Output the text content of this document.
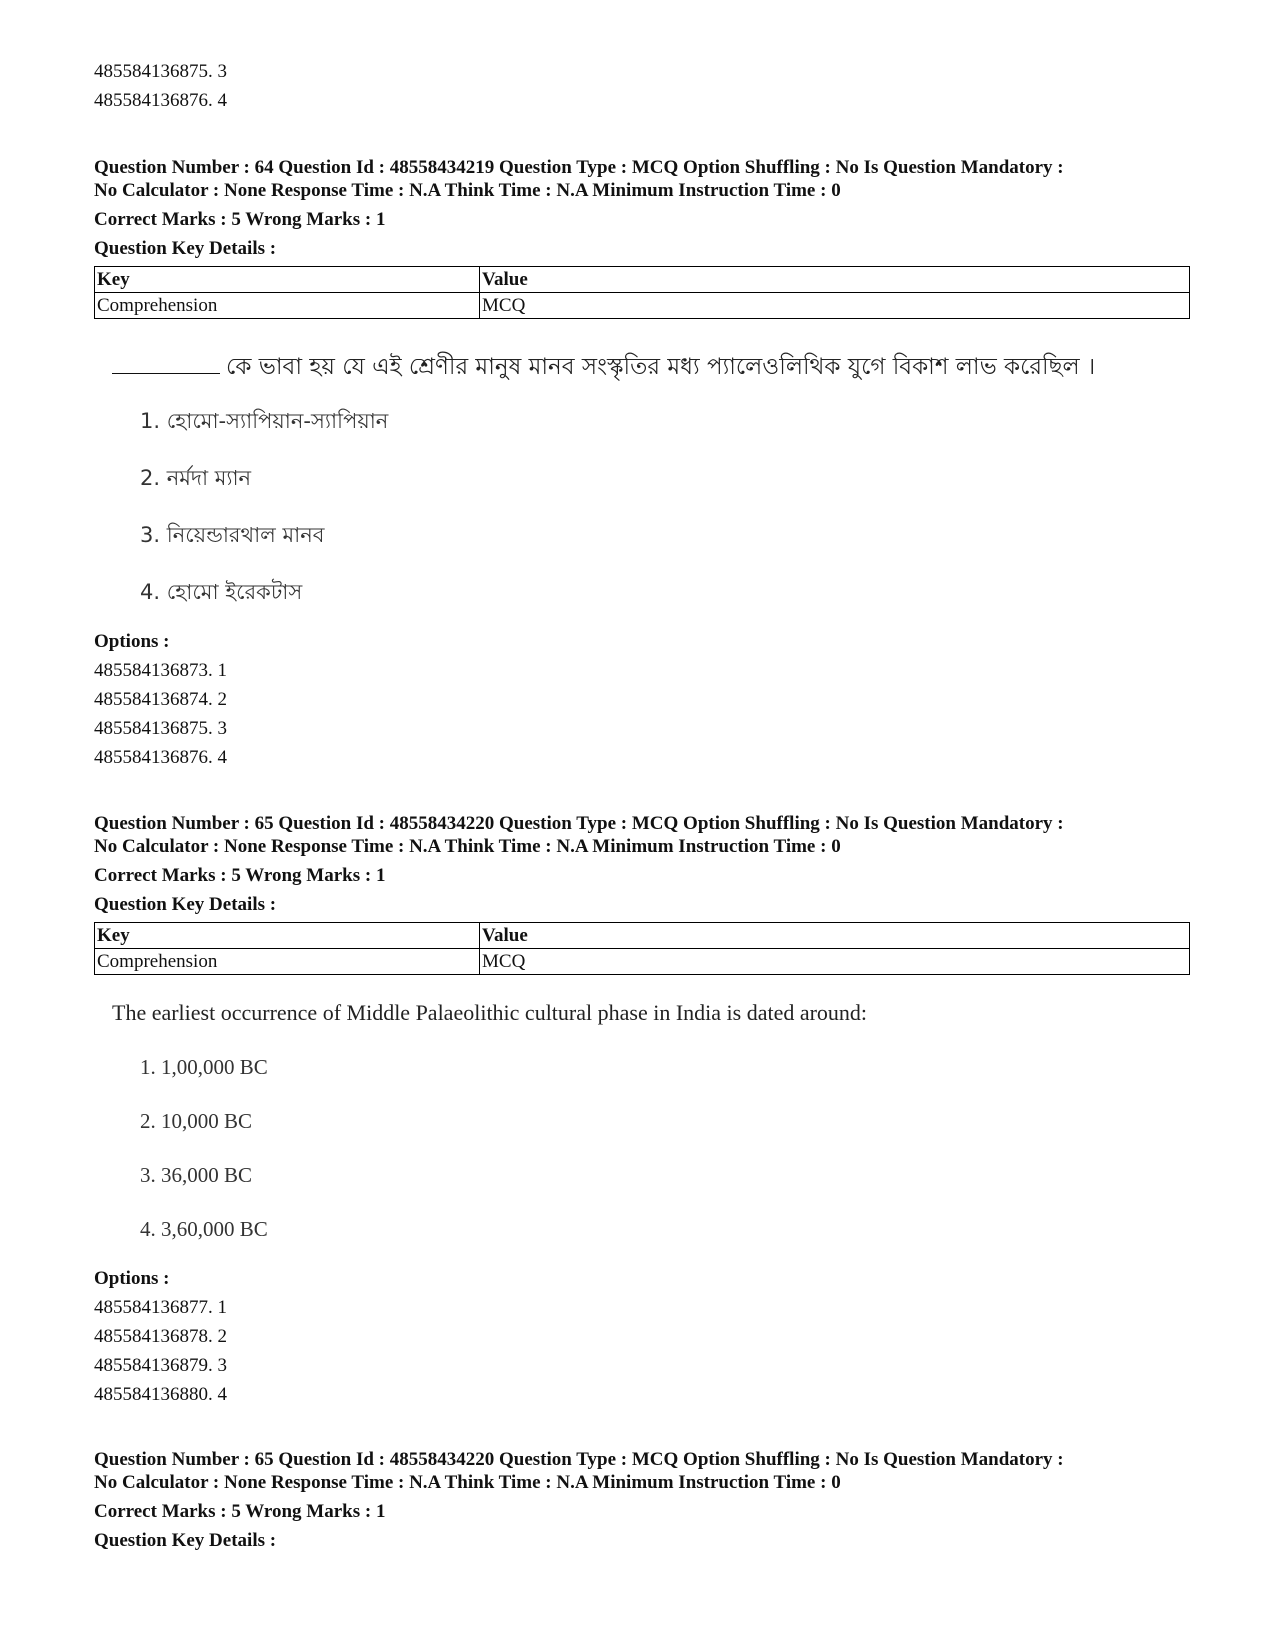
485584136875. 3
485584136876. 4
Question Number : 64 Question Id : 48558434219 Question Type : MCQ Option Shuffling : No Is Question Mandatory :
No Calculator : None Response Time : N.A Think Time : N.A Minimum Instruction Time : 0
Correct Marks : 5 Wrong Marks : 1
Question Key Details :
Key	Value
Comprehension	MCQ
কে ভাবা হয় যে এই শ্রেণীর মানুষ মানব সংস্কৃতির মধ্য প্যালেওলিথিক যুগে বিকাশ লাভ করেছিল ।
1. হোমো-স্যাপিয়ান-স্যাপিয়ান
2. নর্মদা ম্যান
3. নিয়েন্ডারথাল মানব
4. হোমো ইরেকটাস
Options :
485584136873. 1
485584136874. 2
485584136875. 3
485584136876. 4
Question Number : 65 Question Id : 48558434220 Question Type : MCQ Option Shuffling : No Is Question Mandatory :
No Calculator : None Response Time : N.A Think Time : N.A Minimum Instruction Time : 0
Correct Marks : 5 Wrong Marks : 1
Question Key Details :
Key	Value
Comprehension	MCQ
The earliest occurrence of Middle Palaeolithic cultural phase in India is dated around:
1. 1,00,000 BC
2. 10,000 BC
3. 36,000 BC
4. 3,60,000 BC
Options :
485584136877. 1
485584136878. 2
485584136879. 3
485584136880. 4
Question Number : 65 Question Id : 48558434220 Question Type : MCQ Option Shuffling : No Is Question Mandatory :
No Calculator : None Response Time : N.A Think Time : N.A Minimum Instruction Time : 0
Correct Marks : 5 Wrong Marks : 1
Question Key Details :
